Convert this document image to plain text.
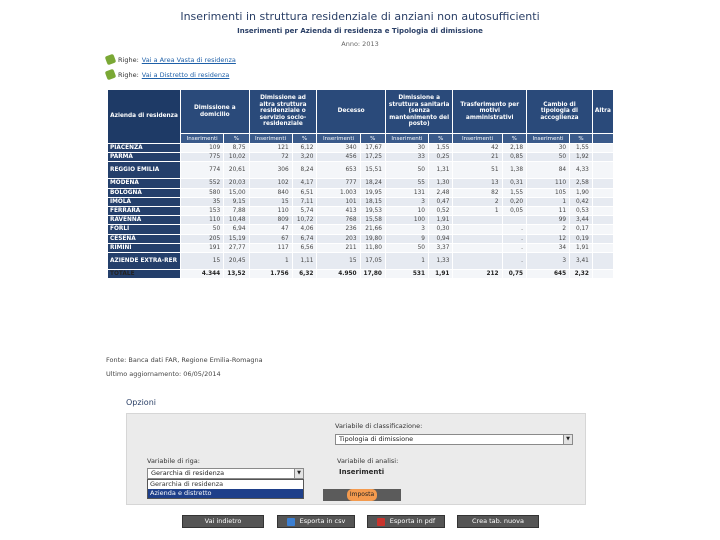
Inserimenti in struttura residenziale di anziani non autosufficienti
Inserimenti per Azienda di residenza e Tipologia di dimissione
Anno: 2013
Righe: Vai a Area Vasta di residenza
Righe: Vai a Distretto di residenza
Azienda di residenza	Dimissione a domicilio		Dimissione ad altra struttura residenziale o servizio socio-residenziale		Decesso		Dimissione a struttura sanitaria (senza mantenimento del posto)		Trasferimento per motivi amministrativi		Cambio di tipologia di accoglienza		Altra
	Inserimenti	%	Inserimenti	%	Inserimenti	%	Inserimenti	%	Inserimenti	%	Inserimenti	%	
PIACENZA	109	8,75	121	6,12	340	17,67	30	1,55	42	2,18	30	1,55	
PARMA	775	10,02	72	3,20	456	17,25	33	0,25	21	0,85	50	1,92	
REGGIO EMILIA	774	20,61	306	8,24	653	15,51	50	1,31	51	1,38	84	4,33	
MODENA	552	20,03	102	4,17	777	18,24	55	1,30	13	0,31	110	2,58	
BOLOGNA	580	15,00	840	6,51	1.003	19,95	131	2,48	82	1,55	105	1,90	
IMOLA	35	9,15	15	7,11	101	18,15	3	0,47	2	0,20	1	0,42	
FERRARA	153	7,88	110	5,74	413	19,53	10	0,52	1	0,05	11	0,53	
RAVENNA	110	10,48	809	10,72	768	15,58	100	1,91			99	3,44	
FORLÌ	50	6,94	47	4,06	236	21,66	3	0,30		.	2	0,17	
CESENA	205	15,19	67	6,74	203	19,80	9	0,94		.	12	0,19	
RIMINI	191	27,77	117	6,56	211	11,80	50	3,37		.	34	1,91	
AZIENDE EXTRA-RER	15	20,45	1	1,11	15	17,05	1	1,33		.	3	3,41	
TOTALE	4.344	13,52	1.756	6,32	4.950	17,80	531	1,91	212	0,75	645	2,32	
Fonte: Banca dati FAR, Regione Emilia-Romagna
Ultimo aggiornamento: 06/05/2014
Opzioni
Variabile di classificazione:
Tipologia di dimissione	▼
Variabile di riga:
Gerarchia di residenza	▼
Gerarchia di residenza
Azienda e distretto
Variabile di analisi:
Inserimenti
Imposta
Vai indietro	Esporta in csv	Esporta in pdf	Crea tab. nuova
